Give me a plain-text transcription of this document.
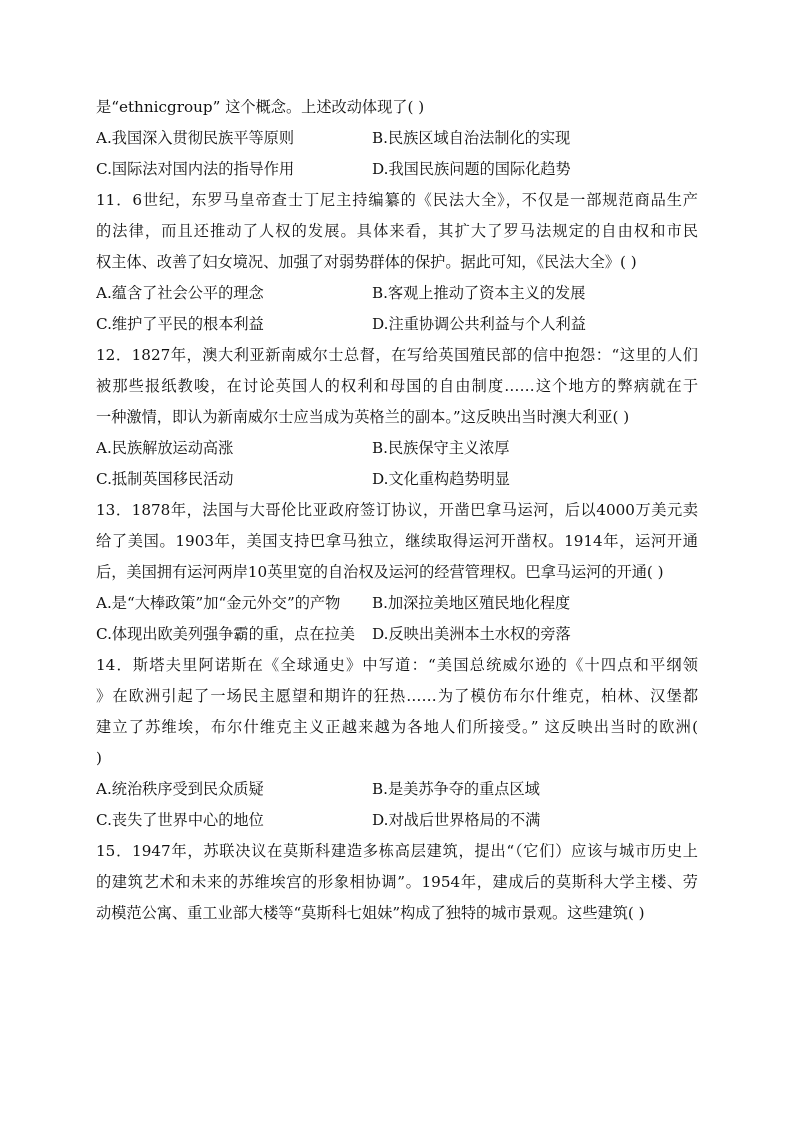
是“ethnicgroup” 这个概念。上述改动体现了( )
A.我国深入贯彻民族平等原则	B.民族区域自治法制化的实现
C.国际法对国内法的指导作用	D.我国民族问题的国际化趋势
11．6世纪，东罗马皇帝查士丁尼主持编纂的《民法大全》，不仅是一部规范商品生产
的法律，而且还推动了人权的发展。具体来看，其扩大了罗马法规定的自由权和市民
权主体、改善了妇女境况、加强了对弱势群体的保护。据此可知，《民法大全》( )
A.蕴含了社会公平的理念	B.客观上推动了资本主义的发展
C.维护了平民的根本利益	D.注重协调公共利益与个人利益
12．1827年，澳大利亚新南威尔士总督，在写给英国殖民部的信中抱怨：“这里的人们
被那些报纸教唆，在讨论英国人的权利和母国的自由制度……这个地方的弊病就在于
一种激情，即认为新南威尔士应当成为英格兰的副本。”这反映出当时澳大利亚( )
A.民族解放运动高涨	B.民族保守主义浓厚
C.抵制英国移民活动	D.文化重构趋势明显
13．1878年，法国与大哥伦比亚政府签订协议，开凿巴拿马运河，后以4000万美元卖
给了美国。1903年，美国支持巴拿马独立，继续取得运河开凿权。1914年，运河开通
后，美国拥有运河两岸10英里宽的自治权及运河的经营管理权。巴拿马运河的开通( )
A.是“大棒政策”加“金元外交”的产物	B.加深拉美地区殖民地化程度
C.体现出欧美列强争霸的重，点在拉美	D.反映出美洲本土水权的旁落
14．斯塔夫里阿诺斯在《全球通史》中写道：“美国总统威尔逊的《十四点和平纲领
》在欧洲引起了一场民主愿望和期许的狂热……为了模仿布尔什维克，柏林、汉堡都
建立了苏维埃，布尔什维克主义正越来越为各地人们所接受。” 这反映出当时的欧洲(
)
A.统治秩序受到民众质疑	B.是美苏争夺的重点区域
C.丧失了世界中心的地位	D.对战后世界格局的不满
15．1947年，苏联决议在莫斯科建造多栋高层建筑，提出“（它们）应该与城市历史上
的建筑艺术和未来的苏维埃宫的形象相协调”。1954年，建成后的莫斯科大学主楼、劳
动模范公寓、重工业部大楼等“莫斯科七姐妹”构成了独特的城市景观。这些建筑( )
